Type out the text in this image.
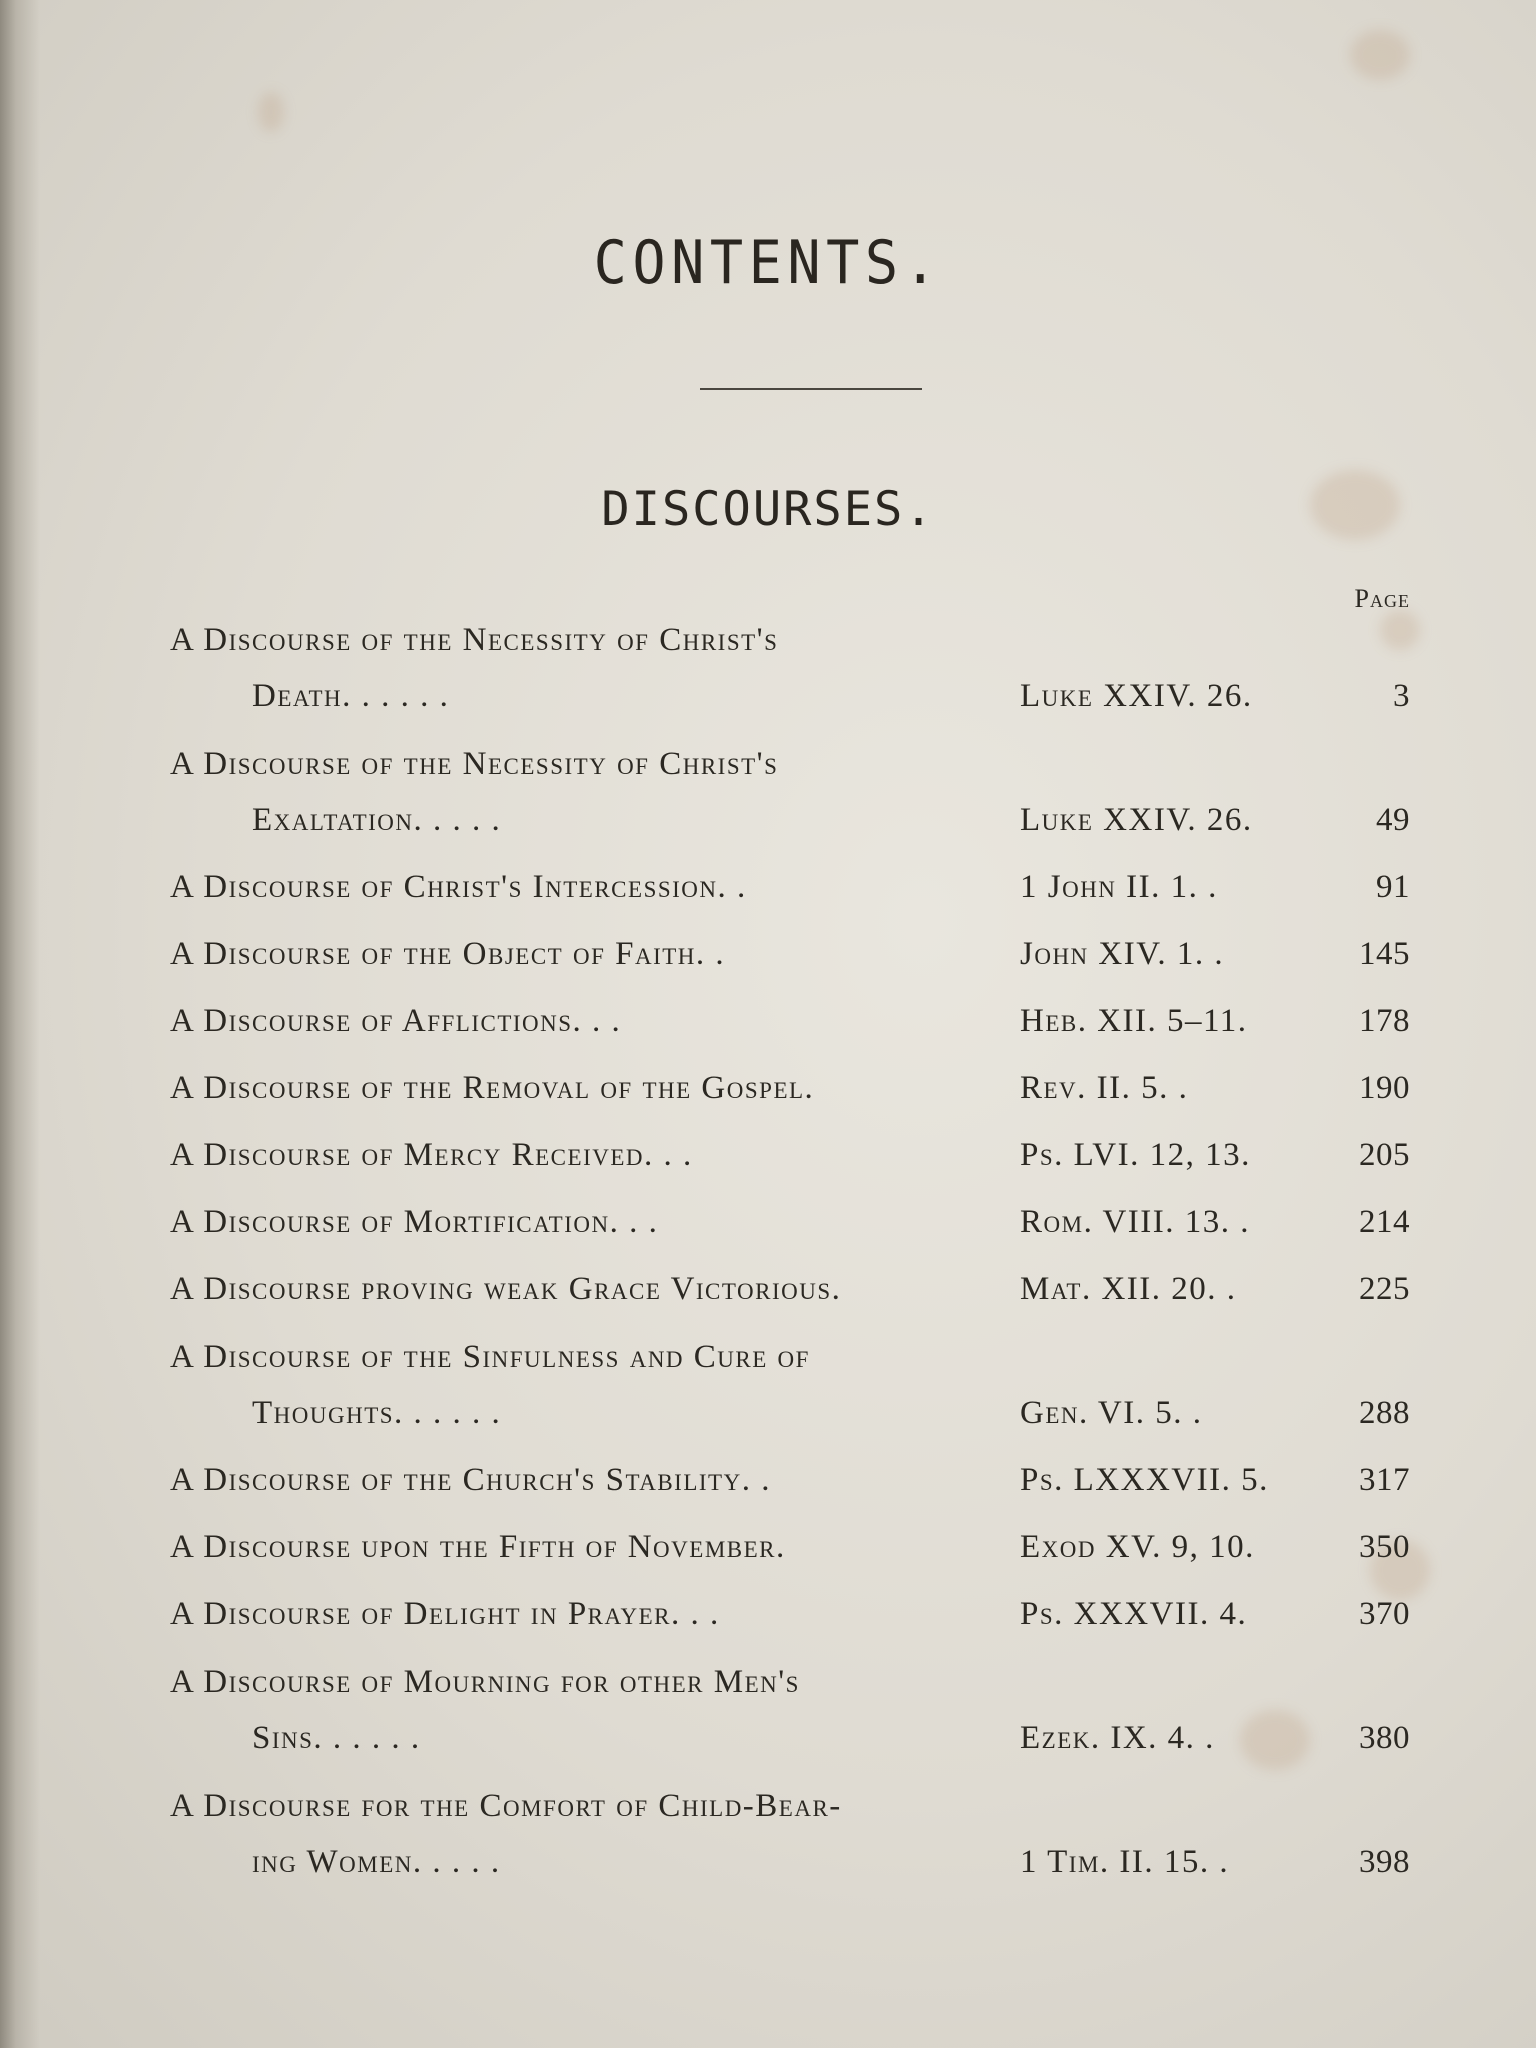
CONTENTS.
DISCOURSES.
Page
A Discourse of the Necessity of Christ's
Death. . . . . .	Luke XXIV. 26.	3
A Discourse of the Necessity of Christ's
Exaltation. . . . .	Luke XXIV. 26.	49
A Discourse of Christ's Intercession. .	1 John II. 1. .	91
A Discourse of the Object of Faith. .	John XIV. 1. .	145
A Discourse of Afflictions. . .	Heb. XII. 5–11.	178
A Discourse of the Removal of the Gospel.	Rev. II. 5. .	190
A Discourse of Mercy Received. . .	Ps. LVI. 12, 13.	205
A Discourse of Mortification. . .	Rom. VIII. 13. .	214
A Discourse proving weak Grace Victorious.	Mat. XII. 20. .	225
A Discourse of the Sinfulness and Cure of
Thoughts. . . . . .	Gen. VI. 5. .	288
A Discourse of the Church's Stability. .	Ps. LXXXVII. 5.	317
A Discourse upon the Fifth of November.	Exod XV. 9, 10.	350
A Discourse of Delight in Prayer. . .	Ps. XXXVII. 4.	370
A Discourse of Mourning for other Men's
Sins. . . . . .	Ezek. IX. 4. .	380
A Discourse for the Comfort of Child-Bear-
ing Women. . . . .	1 Tim. II. 15. .	398
